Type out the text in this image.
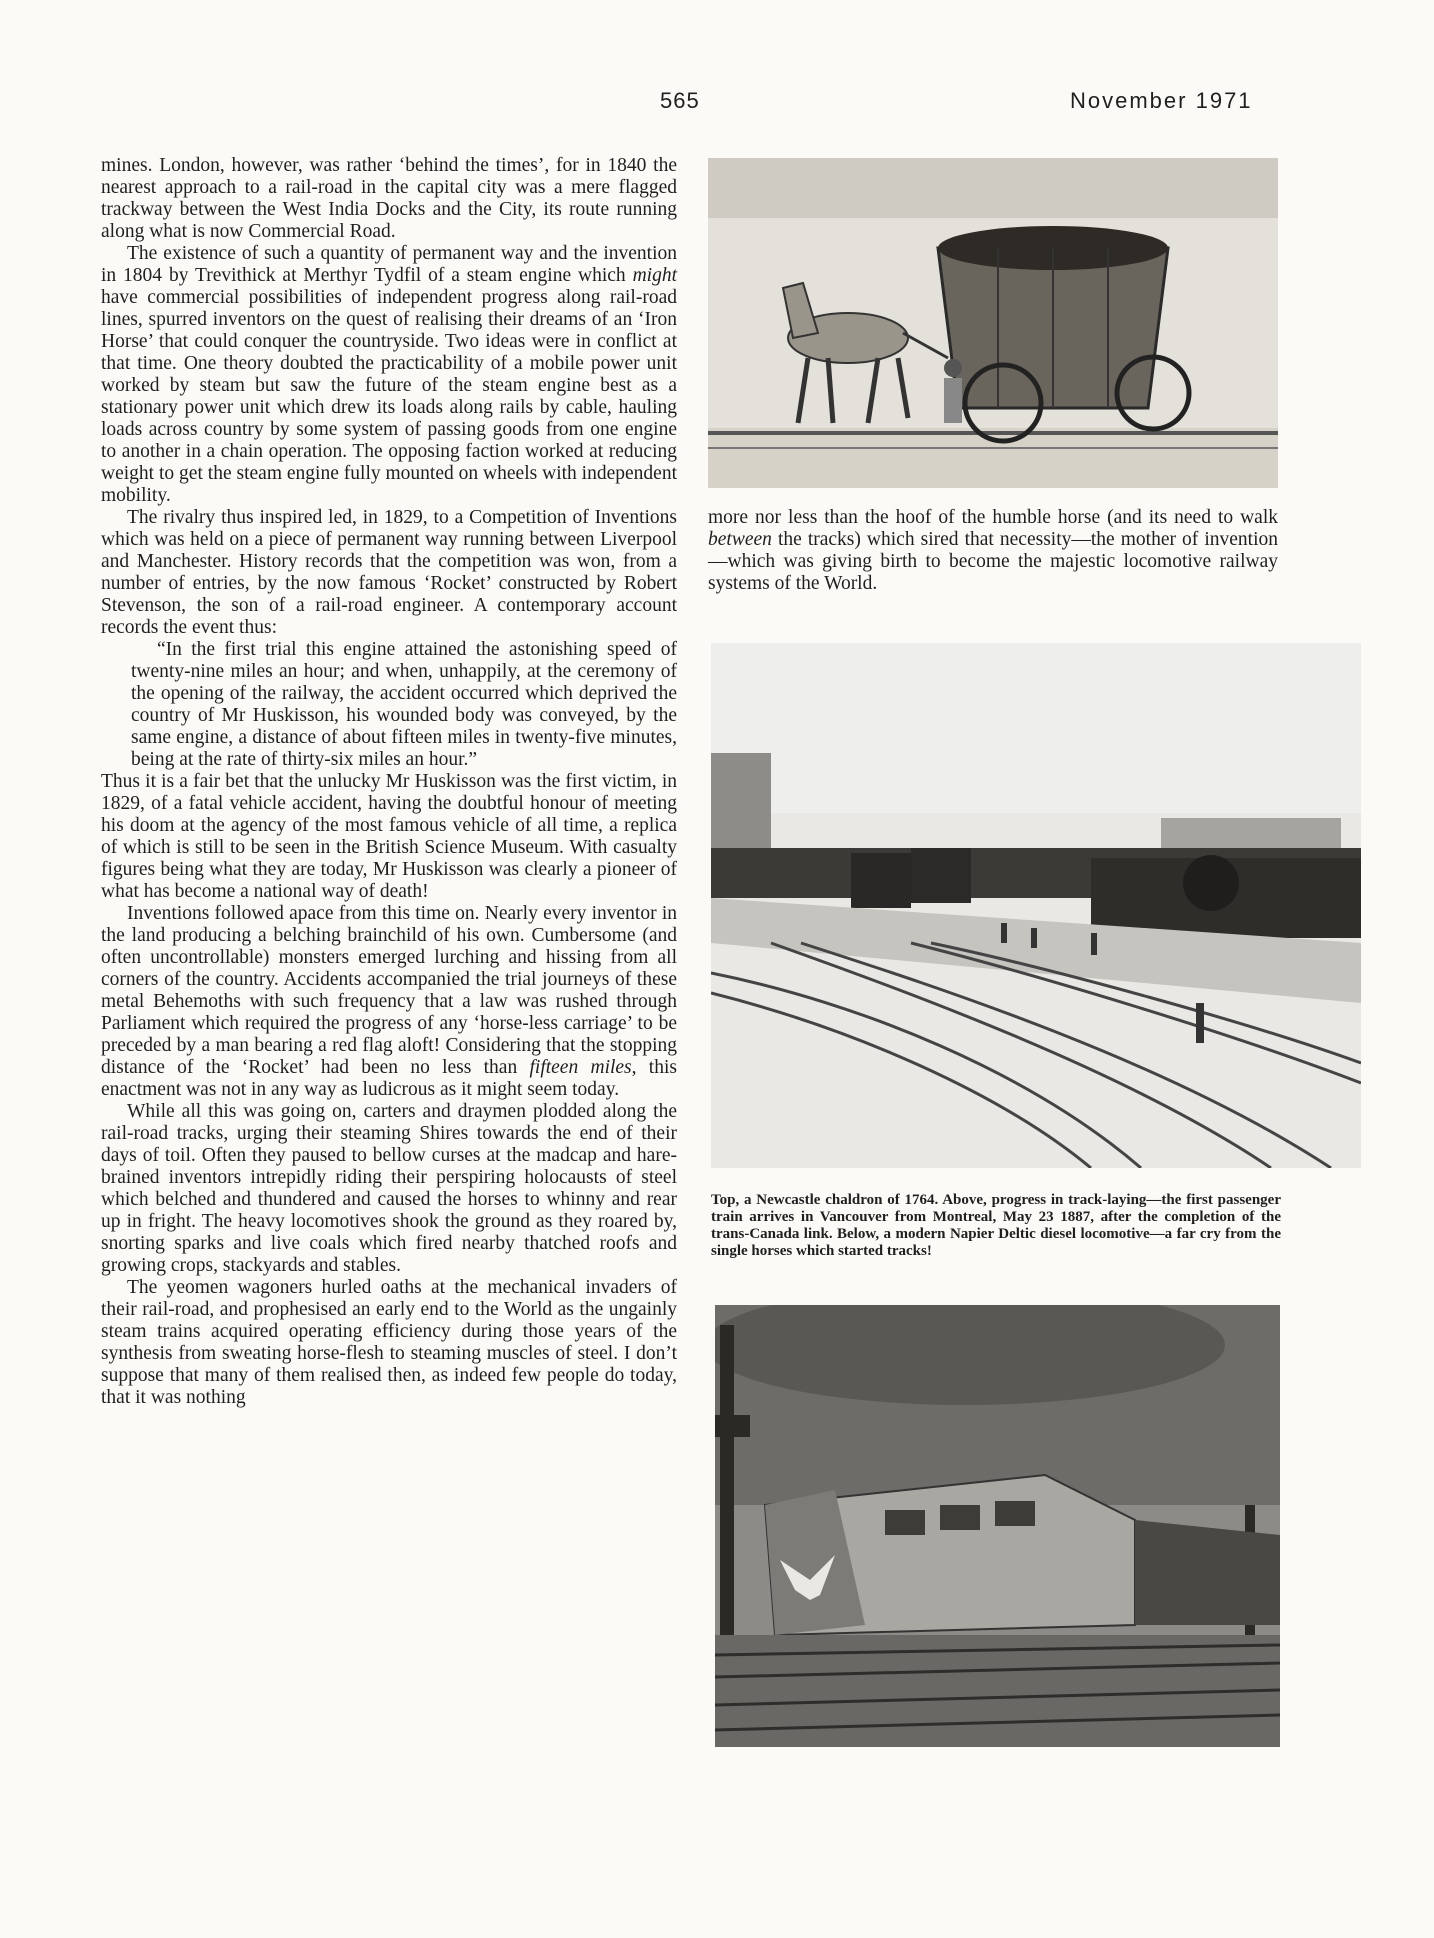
565	November 1971

mines. London, however, was rather ‘behind the times’, for in 1840 the nearest approach to a rail-road in the capital city was a mere flagged trackway between the West India Docks and the City, its route running along what is now Commercial Road.

The existence of such a quantity of permanent way and the invention in 1804 by Trevithick at Merthyr Tydfil of a steam engine which might have commercial possibilities of independent progress along rail-road lines, spurred inventors on the quest of realising their dreams of an ‘Iron Horse’ that could conquer the countryside. Two ideas were in conflict at that time. One theory doubted the practicability of a mobile power unit worked by steam but saw the future of the steam engine best as a stationary power unit which drew its loads along rails by cable, hauling loads across country by some system of passing goods from one engine to another in a chain operation. The opposing faction worked at reducing weight to get the steam engine fully mounted on wheels with independent mobility.

The rivalry thus inspired led, in 1829, to a Competition of Inventions which was held on a piece of permanent way running between Liverpool and Manchester. History records that the competition was won, from a number of entries, by the now famous ‘Rocket’ constructed by Robert Stevenson, the son of a rail-road engineer. A contemporary account records the event thus:

“In the first trial this engine attained the astonishing speed of twenty-nine miles an hour; and when, unhappily, at the ceremony of the opening of the railway, the accident occurred which deprived the country of Mr Huskisson, his wounded body was conveyed, by the same engine, a distance of about fifteen miles in twenty-five minutes, being at the rate of thirty-six miles an hour.”

Thus it is a fair bet that the unlucky Mr Huskisson was the first victim, in 1829, of a fatal vehicle accident, having the doubtful honour of meeting his doom at the agency of the most famous vehicle of all time, a replica of which is still to be seen in the British Science Museum. With casualty figures being what they are today, Mr Huskisson was clearly a pioneer of what has become a national way of death!

Inventions followed apace from this time on. Nearly every inventor in the land producing a belching brainchild of his own. Cumbersome (and often uncontrollable) monsters emerged lurching and hissing from all corners of the country. Accidents accompanied the trial journeys of these metal Behemoths with such frequency that a law was rushed through Parliament which required the progress of any ‘horse-less carriage’ to be preceded by a man bearing a red flag aloft! Considering that the stopping distance of the ‘Rocket’ had been no less than fifteen miles, this enactment was not in any way as ludicrous as it might seem today.

While all this was going on, carters and draymen plodded along the rail-road tracks, urging their steaming Shires towards the end of their days of toil. Often they paused to bellow curses at the madcap and hare-brained inventors intrepidly riding their perspiring holocausts of steel which belched and thundered and caused the horses to whinny and rear up in fright. The heavy locomotives shook the ground as they roared by, snorting sparks and live coals which fired nearby thatched roofs and growing crops, stackyards and stables.

The yeomen wagoners hurled oaths at the mechanical invaders of their rail-road, and prophesised an early end to the World as the ungainly steam trains acquired operating efficiency during those years of the synthesis from sweating horse-flesh to steaming muscles of steel. I don’t suppose that many of them realised then, as indeed few people do today, that it was nothing

more nor less than the hoof of the humble horse (and its need to walk between the tracks) which sired that necessity—the mother of invention—which was giving birth to become the majestic locomotive railway systems of the World.

Top, a Newcastle chaldron of 1764. Above, progress in track-laying—the first passenger train arrives in Vancouver from Montreal, May 23 1887, after the completion of the trans-Canada link. Below, a modern Napier Deltic diesel locomotive—a far cry from the single horses which started tracks!
